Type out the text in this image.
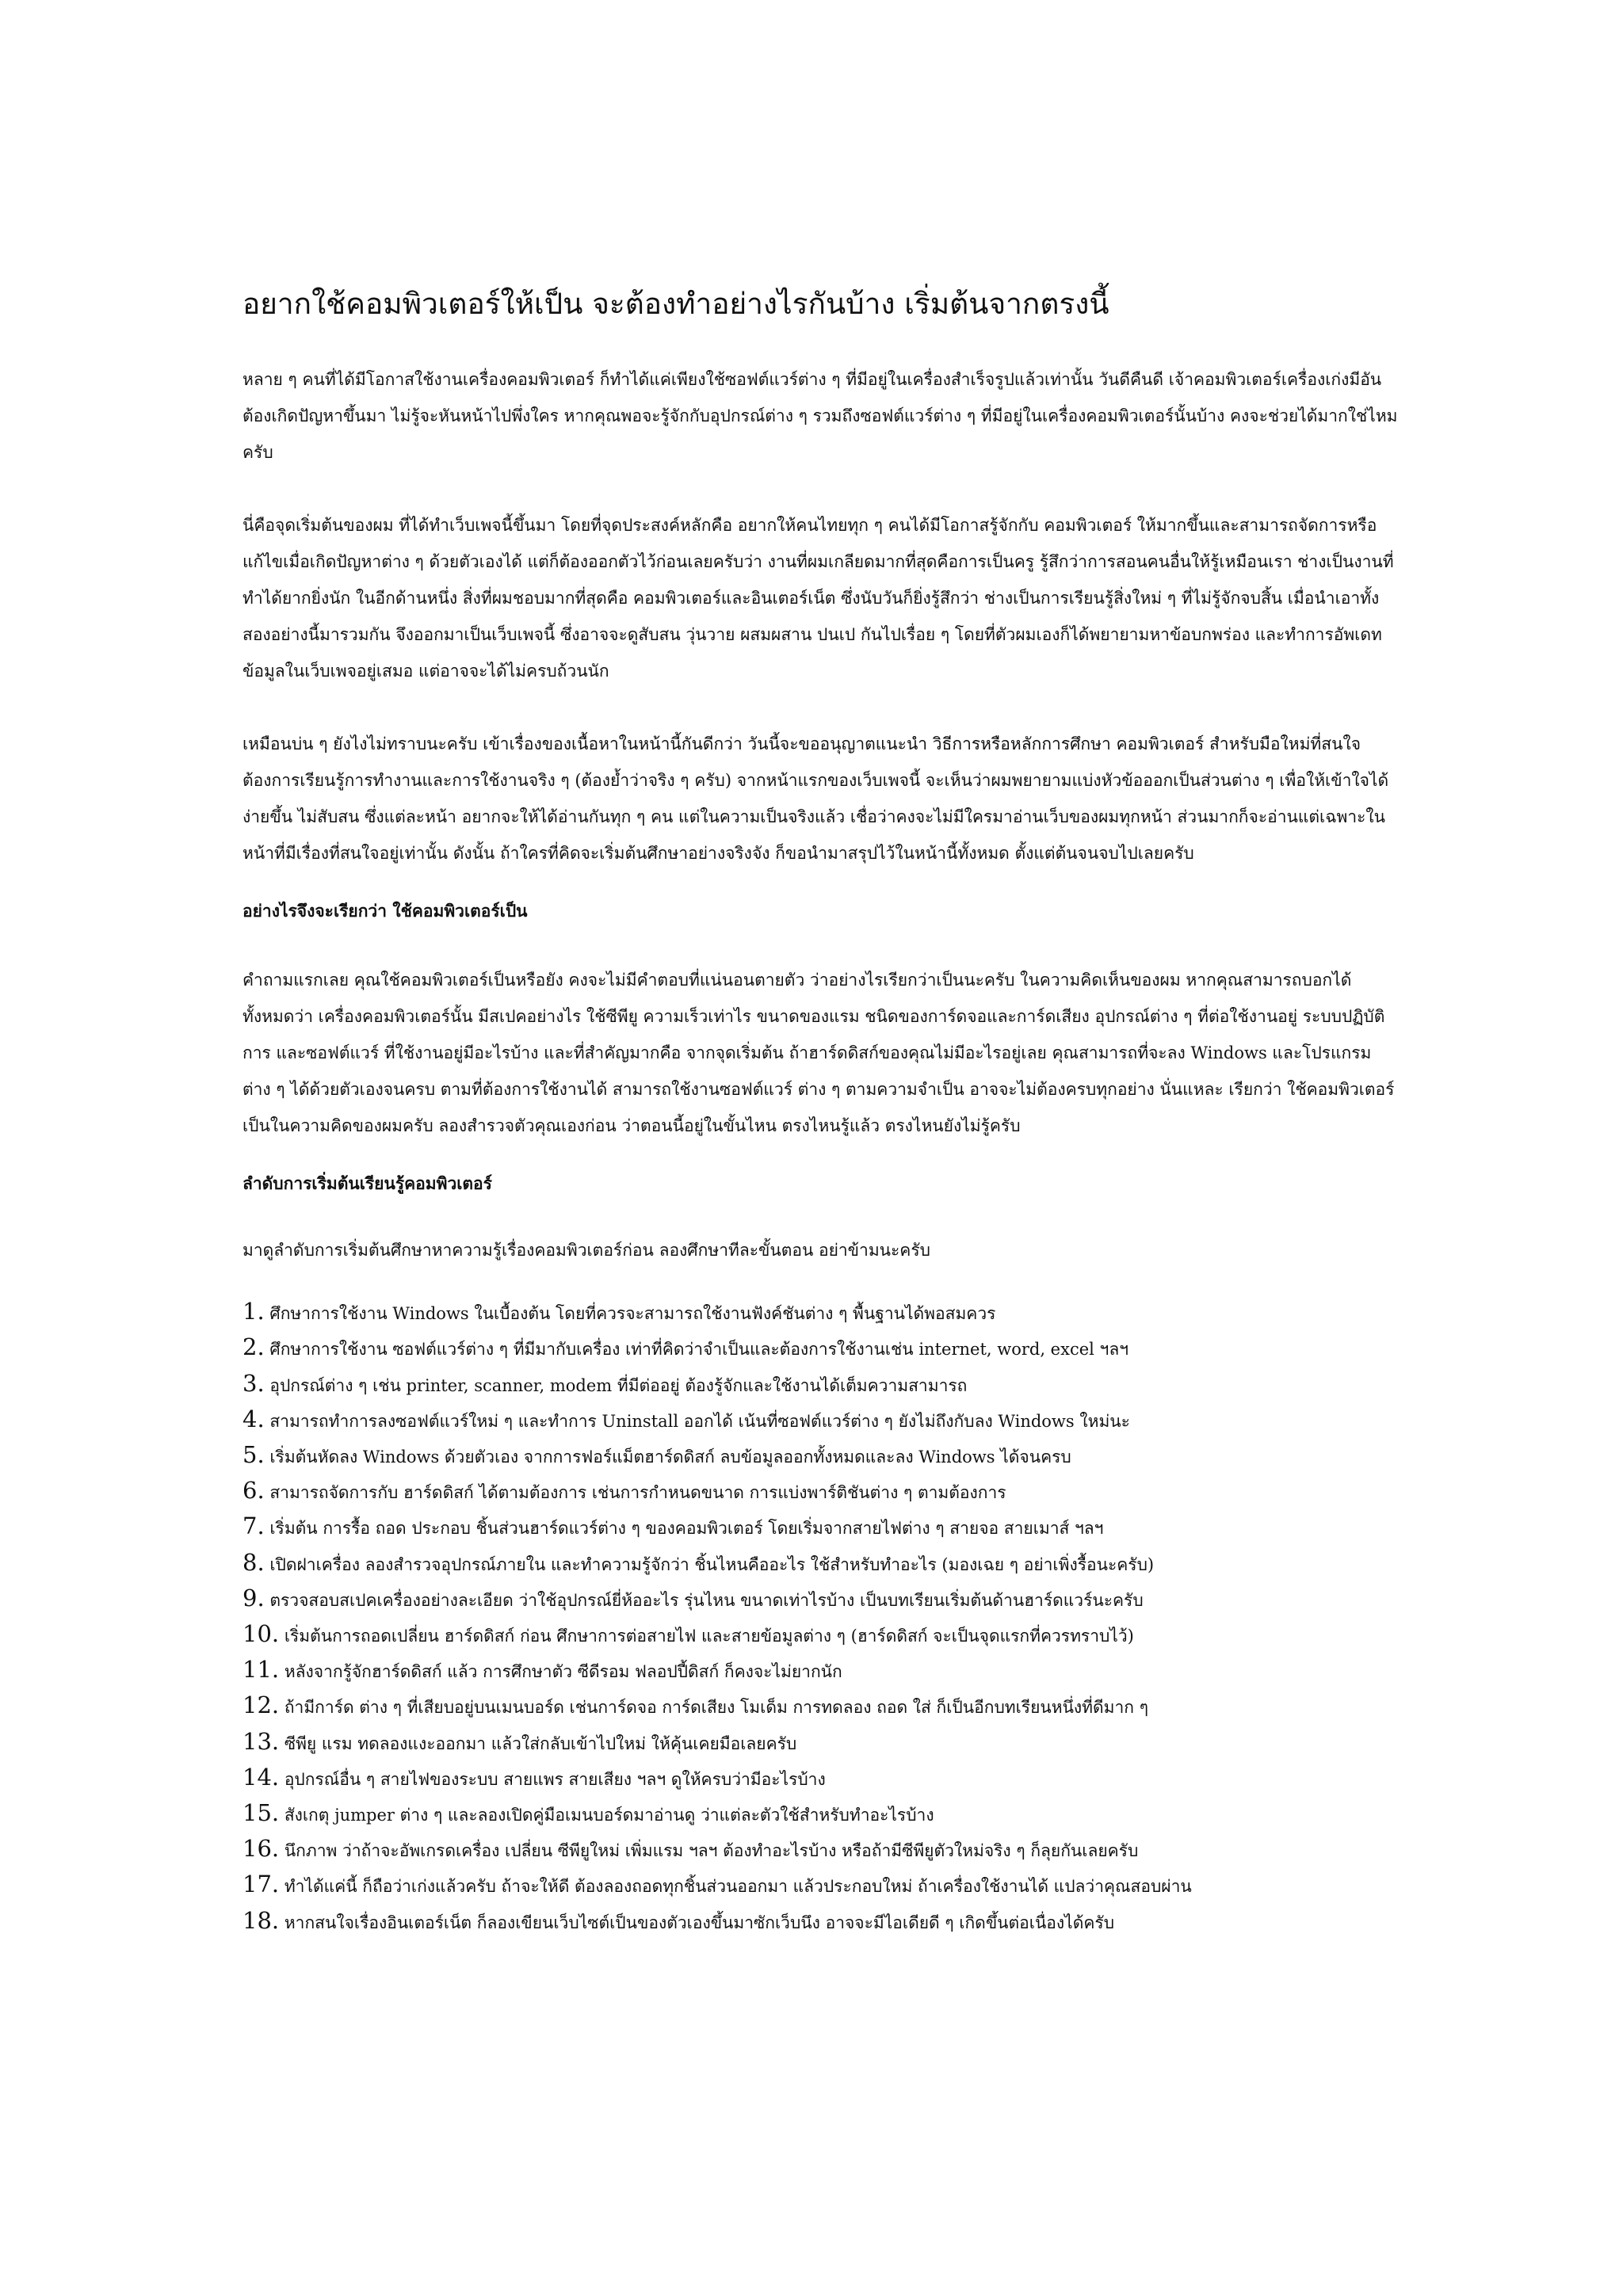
อยากใช้คอมพิวเตอร์ให้เป็น จะต้องทำอย่างไรกันบ้าง เริ่มต้นจากตรงนี้

หลาย ๆ คนที่ได้มีโอกาสใช้งานเครื่องคอมพิวเตอร์ ก็ทำได้แค่เพียงใช้ซอฟต์แวร์ต่าง ๆ ที่มีอยู่ในเครื่องสำเร็จรูปแล้วเท่านั้น วันดีคืนดี เจ้าคอมพิวเตอร์เครื่องเก่งมีอันต้องเกิดปัญหาขึ้นมา ไม่รู้จะหันหน้าไปพึ่งใคร หากคุณพอจะรู้จักกับอุปกรณ์ต่าง ๆ รวมถึงซอฟต์แวร์ต่าง ๆ ที่มีอยู่ในเครื่องคอมพิวเตอร์นั้นบ้าง คงจะช่วยได้มากใช่ไหมครับ

นี่คือจุดเริ่มต้นของผม ที่ได้ทำเว็บเพจนี้ขึ้นมา โดยที่จุดประสงค์หลักคือ อยากให้คนไทยทุก ๆ คนได้มีโอกาสรู้จักกับ คอมพิวเตอร์ ให้มากขึ้นและสามารถจัดการหรือแก้ไขเมื่อเกิดปัญหาต่าง ๆ ด้วยตัวเองได้ แต่ก็ต้องออกตัวไว้ก่อนเลยครับว่า งานที่ผมเกลียดมากที่สุดคือการเป็นครู รู้สึกว่าการสอนคนอื่นให้รู้เหมือนเรา ช่างเป็นงานที่ทำได้ยากยิ่งนัก ในอีกด้านหนึ่ง สิ่งที่ผมชอบมากที่สุดคือ คอมพิวเตอร์และอินเตอร์เน็ต ซึ่งนับวันก็ยิ่งรู้สึกว่า ช่างเป็นการเรียนรู้สิ่งใหม่ ๆ ที่ไม่รู้จักจบสิ้น เมื่อนำเอาทั้งสองอย่างนี้มารวมกัน จึงออกมาเป็นเว็บเพจนี้ ซึ่งอาจจะดูสับสน วุ่นวาย ผสมผสาน ปนเป กันไปเรื่อย ๆ โดยที่ตัวผมเองก็ได้พยายามหาข้อบกพร่อง และทำการอัพเดทข้อมูลในเว็บเพจอยู่เสมอ แต่อาจจะได้ไม่ครบถ้วนนัก

เหมือนบ่น ๆ ยังไงไม่ทราบนะครับ เข้าเรื่องของเนื้อหาในหน้านี้กันดีกว่า วันนี้จะขออนุญาตแนะนำ วิธีการหรือหลักการศึกษา คอมพิวเตอร์ สำหรับมือใหม่ที่สนใจต้องการเรียนรู้การทำงานและการใช้งานจริง ๆ (ต้องย้ำว่าจริง ๆ ครับ) จากหน้าแรกของเว็บเพจนี้ จะเห็นว่าผมพยายามแบ่งหัวข้อออกเป็นส่วนต่าง ๆ เพื่อให้เข้าใจได้ง่ายขึ้น ไม่สับสน ซึ่งแต่ละหน้า อยากจะให้ได้อ่านกันทุก ๆ คน แต่ในความเป็นจริงแล้ว เชื่อว่าคงจะไม่มีใครมาอ่านเว็บของผมทุกหน้า ส่วนมากก็จะอ่านแต่เฉพาะในหน้าที่มีเรื่องที่สนใจอยู่เท่านั้น ดังนั้น ถ้าใครที่คิดจะเริ่มต้นศึกษาอย่างจริงจัง ก็ขอนำมาสรุปไว้ในหน้านี้ทั้งหมด ตั้งแต่ต้นจนจบไปเลยครับ

อย่างไรจึงจะเรียกว่า ใช้คอมพิวเตอร์เป็น

คำถามแรกเลย คุณใช้คอมพิวเตอร์เป็นหรือยัง คงจะไม่มีคำตอบที่แน่นอนตายตัว ว่าอย่างไรเรียกว่าเป็นนะครับ ในความคิดเห็นของผม หากคุณสามารถบอกได้ทั้งหมดว่า เครื่องคอมพิวเตอร์นั้น มีสเปคอย่างไร ใช้ซีพียู ความเร็วเท่าไร ขนาดของแรม ชนิดของการ์ดจอและการ์ดเสียง อุปกรณ์ต่าง ๆ ที่ต่อใช้งานอยู่ ระบบปฏิบัติการ และซอฟต์แวร์ ที่ใช้งานอยู่มีอะไรบ้าง และที่สำคัญมากคือ จากจุดเริ่มต้น ถ้าฮาร์ดดิสก์ของคุณไม่มีอะไรอยู่เลย คุณสามารถที่จะลง Windows และโปรแกรมต่าง ๆ ได้ด้วยตัวเองจนครบ ตามที่ต้องการใช้งานได้ สามารถใช้งานซอฟต์แวร์ ต่าง ๆ ตามความจำเป็น อาจจะไม่ต้องครบทุกอย่าง นั่นแหละ เรียกว่า ใช้คอมพิวเตอร์เป็นในความคิดของผมครับ ลองสำรวจตัวคุณเองก่อน ว่าตอนนี้อยู่ในขั้นไหน ตรงไหนรู้แล้ว ตรงไหนยังไม่รู้ครับ

ลำดับการเริ่มต้นเรียนรู้คอมพิวเตอร์

มาดูลำดับการเริ่มต้นศึกษาหาความรู้เรื่องคอมพิวเตอร์ก่อน ลองศึกษาทีละขั้นตอน อย่าข้ามนะครับ

1. ศึกษาการใช้งาน Windows ในเบื้องต้น โดยที่ควรจะสามารถใช้งานฟังค์ชันต่าง ๆ พื้นฐานได้พอสมควร
2. ศึกษาการใช้งาน ซอฟต์แวร์ต่าง ๆ ที่มีมากับเครื่อง เท่าที่คิดว่าจำเป็นและต้องการใช้งานเช่น internet, word, excel ฯลฯ
3. อุปกรณ์ต่าง ๆ เช่น printer, scanner, modem ที่มีต่ออยู่ ต้องรู้จักและใช้งานได้เต็มความสามารถ
4. สามารถทำการลงซอฟต์แวร์ใหม่ ๆ และทำการ Uninstall ออกได้ เน้นที่ซอฟต์แวร์ต่าง ๆ ยังไม่ถึงกับลง Windows ใหม่นะ
5. เริ่มต้นหัดลง Windows ด้วยตัวเอง จากการฟอร์แม็ตฮาร์ดดิสก์ ลบข้อมูลออกทั้งหมดและลง Windows ได้จนครบ
6. สามารถจัดการกับ ฮาร์ดดิสก์ ได้ตามต้องการ เช่นการกำหนดขนาด การแบ่งพาร์ติชันต่าง ๆ ตามต้องการ
7. เริ่มต้น การรื้อ ถอด ประกอบ ชิ้นส่วนฮาร์ดแวร์ต่าง ๆ ของคอมพิวเตอร์ โดยเริ่มจากสายไฟต่าง ๆ สายจอ สายเมาส์ ฯลฯ
8. เปิดฝาเครื่อง ลองสำรวจอุปกรณ์ภายใน และทำความรู้จักว่า ชิ้นไหนคืออะไร ใช้สำหรับทำอะไร (มองเฉย ๆ อย่าเพิ่งรื้อนะครับ)
9. ตรวจสอบสเปคเครื่องอย่างละเอียด ว่าใช้อุปกรณ์ยี่ห้ออะไร รุ่นไหน ขนาดเท่าไรบ้าง เป็นบทเรียนเริ่มต้นด้านฮาร์ดแวร์นะครับ
10. เริ่มต้นการถอดเปลี่ยน ฮาร์ดดิสก์ ก่อน ศึกษาการต่อสายไฟ และสายข้อมูลต่าง ๆ (ฮาร์ดดิสก์ จะเป็นจุดแรกที่ควรทราบไว้)
11. หลังจากรู้จักฮาร์ดดิสก์ แล้ว การศึกษาตัว ซีดีรอม ฟลอปปี้ดิสก์ ก็คงจะไม่ยากนัก
12. ถ้ามีการ์ด ต่าง ๆ ที่เสียบอยู่บนเมนบอร์ด เช่นการ์ดจอ การ์ดเสียง โมเด็ม การทดลอง ถอด ใส่ ก็เป็นอีกบทเรียนหนึ่งที่ดีมาก ๆ
13. ซีพียู แรม ทดลองแงะออกมา แล้วใส่กลับเข้าไปใหม่ ให้คุ้นเคยมือเลยครับ
14. อุปกรณ์อื่น ๆ สายไฟของระบบ สายแพร สายเสียง ฯลฯ ดูให้ครบว่ามีอะไรบ้าง
15. สังเกตุ jumper ต่าง ๆ และลองเปิดคู่มือเมนบอร์ดมาอ่านดู ว่าแต่ละตัวใช้สำหรับทำอะไรบ้าง
16. นึกภาพ ว่าถ้าจะอัพเกรดเครื่อง เปลี่ยน ซีพียูใหม่ เพิ่มแรม ฯลฯ ต้องทำอะไรบ้าง หรือถ้ามีซีพียูตัวใหม่จริง ๆ ก็ลุยกันเลยครับ
17. ทำได้แค่นี้ ก็ถือว่าเก่งแล้วครับ ถ้าจะให้ดี ต้องลองถอดทุกชิ้นส่วนออกมา แล้วประกอบใหม่ ถ้าเครื่องใช้งานได้ แปลว่าคุณสอบผ่าน
18. หากสนใจเรื่องอินเตอร์เน็ต ก็ลองเขียนเว็บไซต์เป็นของตัวเองขึ้นมาซักเว็บนึง อาจจะมีไอเดียดี ๆ เกิดขึ้นต่อเนื่องได้ครับ
